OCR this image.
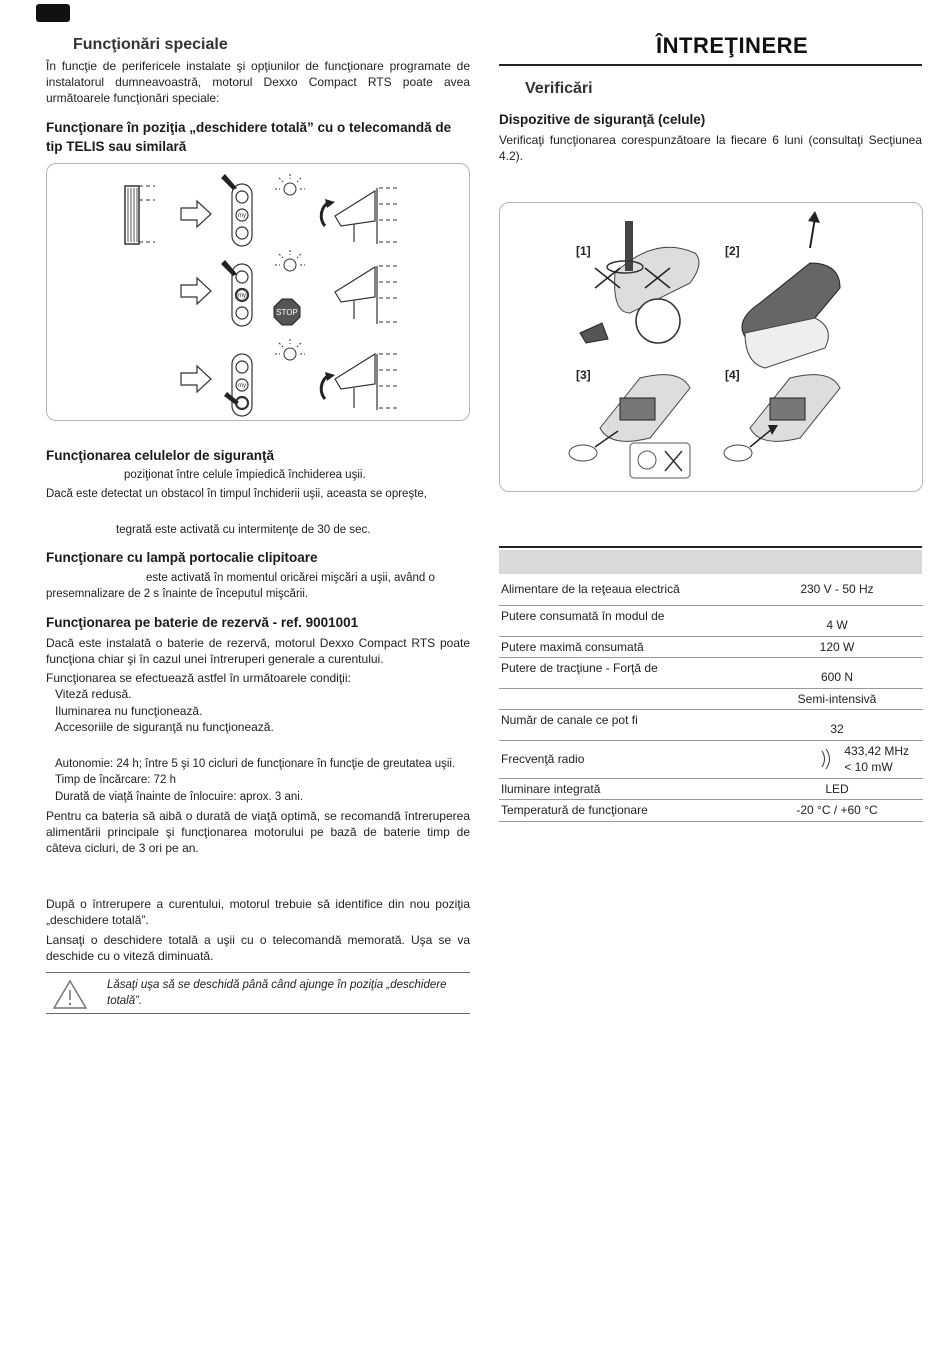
Funcţionări speciale
În funcţie de perifericele instalate şi opţiunilor de funcţionare programate de instalatorul dumneavoastră, motorul Dexxo Compact RTS poate avea următoarele funcţionări speciale:
Funcţionare în poziţia „deschidere totală” cu o telecomandă de tip TELIS sau similară
my
my
my
STOP
Funcţionarea celulelor de siguranţă
poziţionat între celule împiedică închiderea uşii.
Dacă este detectat un obstacol în timpul închiderii uşii, aceasta se opreşte,
tegrată este activată cu intermitenţe de 30 de sec.
Funcţionare cu lampă portocalie clipitoare
este activată în momentul oricărei mişcări a uşii, având o
presemnalizare de 2 s înainte de începutul mişcării.
Funcţionarea pe baterie de rezervă - ref. 9001001
Dacă este instalată o baterie de rezervă, motorul Dexxo Compact RTS poate funcţiona chiar şi în cazul unei întreruperi generale a curentului.
Funcţionarea se efectuează astfel în următoarele condiţii:
Viteză redusă.
Iluminarea nu funcţionează.
Accesoriile de siguranţă nu funcţionează.
Autonomie: 24 h; între 5 şi 10 cicluri de funcţionare în funcţie de greutatea uşii.
Timp de încărcare: 72 h
Durată de viaţă înainte de înlocuire: aprox. 3 ani.
Pentru ca bateria să aibă o durată de viaţă optimă, se recomandă întreruperea alimentării principale şi funcţionarea motorului pe bază de baterie timp de câteva cicluri, de 3 ori pe an.
După o întrerupere a curentului, motorul trebuie să identifice din nou poziţia „deschidere totală”.
Lansaţi o deschidere totală a uşii cu o telecomandă memorată. Uşa se va deschide cu o viteză diminuată.
Lăsaţi uşa să se deschidă până când ajunge în poziţia „deschidere totală”.
ÎNTREŢINERE
Verificări
Dispozitive de siguranţă (celule)
Verificaţi funcţionarea corespunzătoare la fiecare 6 luni (consultaţi Secţiunea 4.2).
[1]	[2]
[3]	[4]
Alimentare de la reţeaua electrică	230 V - 50 Hz
Putere consumată în modul de	4 W
Putere maximă consumată	120 W
Putere de tracţiune - Forţă de	600 N
	Semi-intensivă
Număr de canale ce pot fi	32
Frecvenţă radio	433,42 MHz
< 10 mW
Iluminare integrată	LED
Temperatură de funcţionare	-20 °C / +60 °C
